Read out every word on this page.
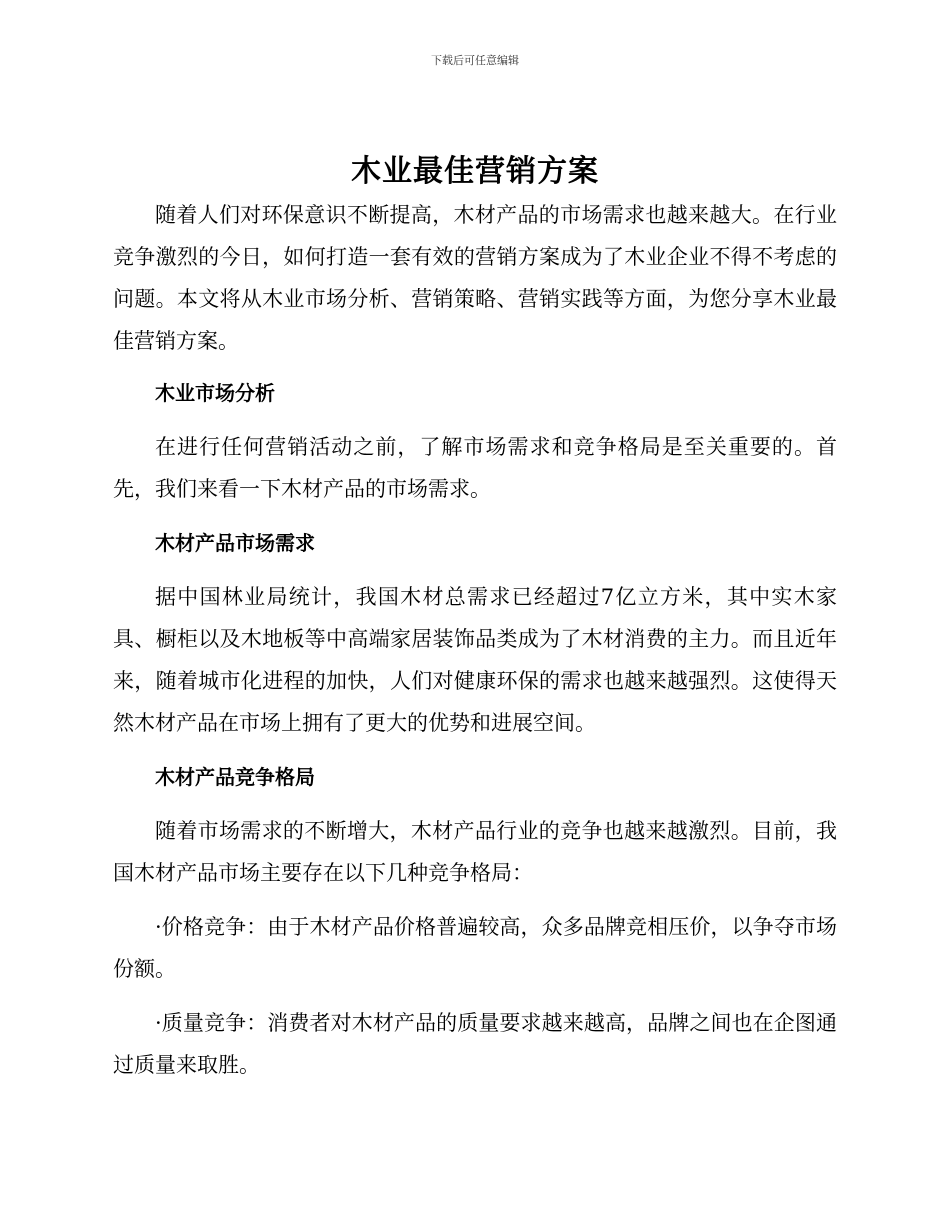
下载后可任意编辑
木业最佳营销方案

随着人们对环保意识不断提高，木材产品的市场需求也越来越大。在行业竞争激烈的今日，如何打造一套有效的营销方案成为了木业企业不得不考虑的问题。本文将从木业市场分析、营销策略、营销实践等方面，为您分享木业最佳营销方案。

木业市场分析

在进行任何营销活动之前，了解市场需求和竞争格局是至关重要的。首先，我们来看一下木材产品的市场需求。

木材产品市场需求

据中国林业局统计，我国木材总需求已经超过7亿立方米，其中实木家具、橱柜以及木地板等中高端家居装饰品类成为了木材消费的主力。而且近年来，随着城市化进程的加快，人们对健康环保的需求也越来越强烈。这使得天然木材产品在市场上拥有了更大的优势和进展空间。

木材产品竞争格局

随着市场需求的不断增大，木材产品行业的竞争也越来越激烈。目前，我国木材产品市场主要存在以下几种竞争格局：

·价格竞争：由于木材产品价格普遍较高，众多品牌竞相压价，以争夺市场份额。

·质量竞争：消费者对木材产品的质量要求越来越高，品牌之间也在企图通过质量来取胜。
